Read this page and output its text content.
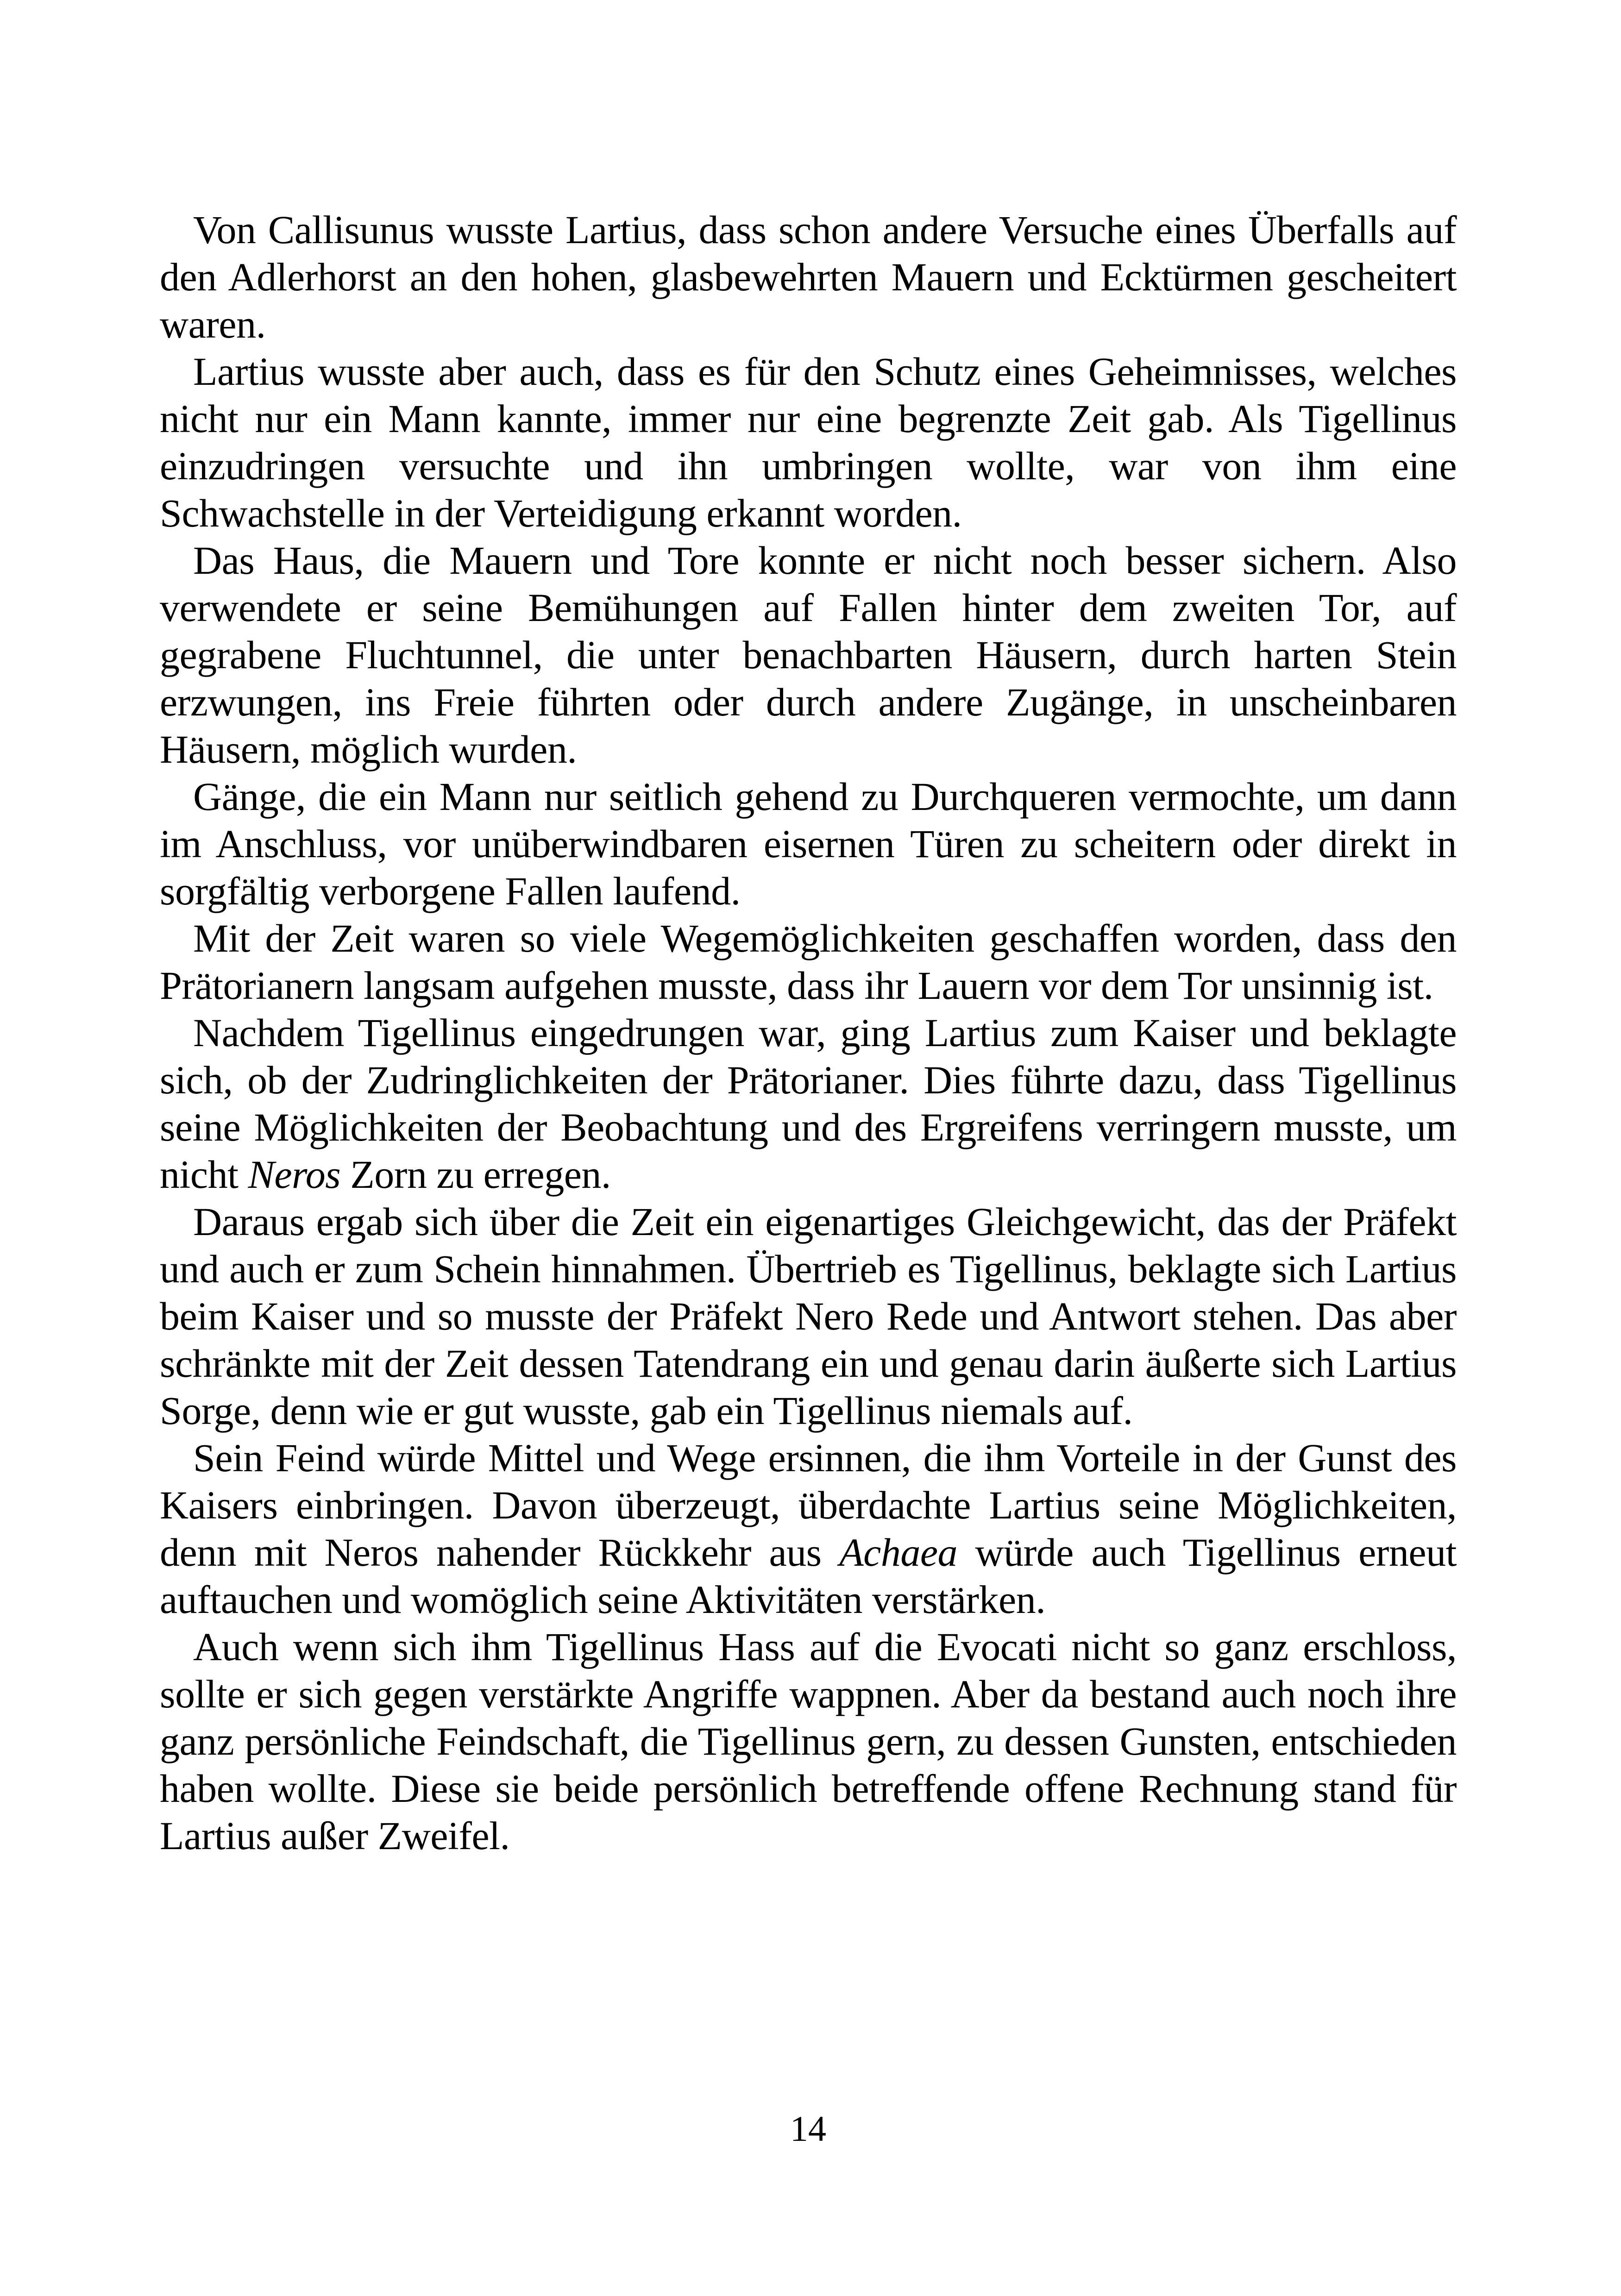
Von Callisunus wusste Lartius, dass schon andere Versuche eines Überfalls auf den Adlerhorst an den hohen, glasbewehrten Mauern und Ecktürmen gescheitert waren.

Lartius wusste aber auch, dass es für den Schutz eines Geheimnisses, welches nicht nur ein Mann kannte, immer nur eine begrenzte Zeit gab. Als Tigellinus einzudringen versuchte und ihn umbringen wollte, war von ihm eine Schwachstelle in der Verteidigung erkannt worden.

Das Haus, die Mauern und Tore konnte er nicht noch besser sichern. Also verwendete er seine Bemühungen auf Fallen hinter dem zweiten Tor, auf gegrabene Fluchtunnel, die unter benachbarten Häusern, durch harten Stein erzwungen, ins Freie führten oder durch andere Zugänge, in unscheinbaren Häusern, möglich wurden.

Gänge, die ein Mann nur seitlich gehend zu Durchqueren vermochte, um dann im Anschluss, vor unüberwindbaren eisernen Türen zu scheitern oder direkt in sorgfältig verborgene Fallen laufend.

Mit der Zeit waren so viele Wegemöglichkeiten geschaffen worden, dass den Prätorianern langsam aufgehen musste, dass ihr Lauern vor dem Tor unsinnig ist.

Nachdem Tigellinus eingedrungen war, ging Lartius zum Kaiser und beklagte sich, ob der Zudringlichkeiten der Prätorianer. Dies führte dazu, dass Tigellinus seine Möglichkeiten der Beobachtung und des Ergreifens verringern musste, um nicht Neros Zorn zu erregen.

Daraus ergab sich über die Zeit ein eigenartiges Gleichgewicht, das der Präfekt und auch er zum Schein hinnahmen. Übertrieb es Tigellinus, beklagte sich Lartius beim Kaiser und so musste der Präfekt Nero Rede und Antwort stehen. Das aber schränkte mit der Zeit dessen Tatendrang ein und genau darin äußerte sich Lartius Sorge, denn wie er gut wusste, gab ein Tigellinus niemals auf.

Sein Feind würde Mittel und Wege ersinnen, die ihm Vorteile in der Gunst des Kaisers einbringen. Davon überzeugt, überdachte Lartius seine Möglichkeiten, denn mit Neros nahender Rückkehr aus Achaea würde auch Tigellinus erneut auftauchen und womöglich seine Aktivitäten verstärken.

Auch wenn sich ihm Tigellinus Hass auf die Evocati nicht so ganz erschloss, sollte er sich gegen verstärkte Angriffe wappnen. Aber da bestand auch noch ihre ganz persönliche Feindschaft, die Tigellinus gern, zu dessen Gunsten, entschieden haben wollte. Diese sie beide persönlich betreffende offene Rechnung stand für Lartius außer Zweifel.

14
